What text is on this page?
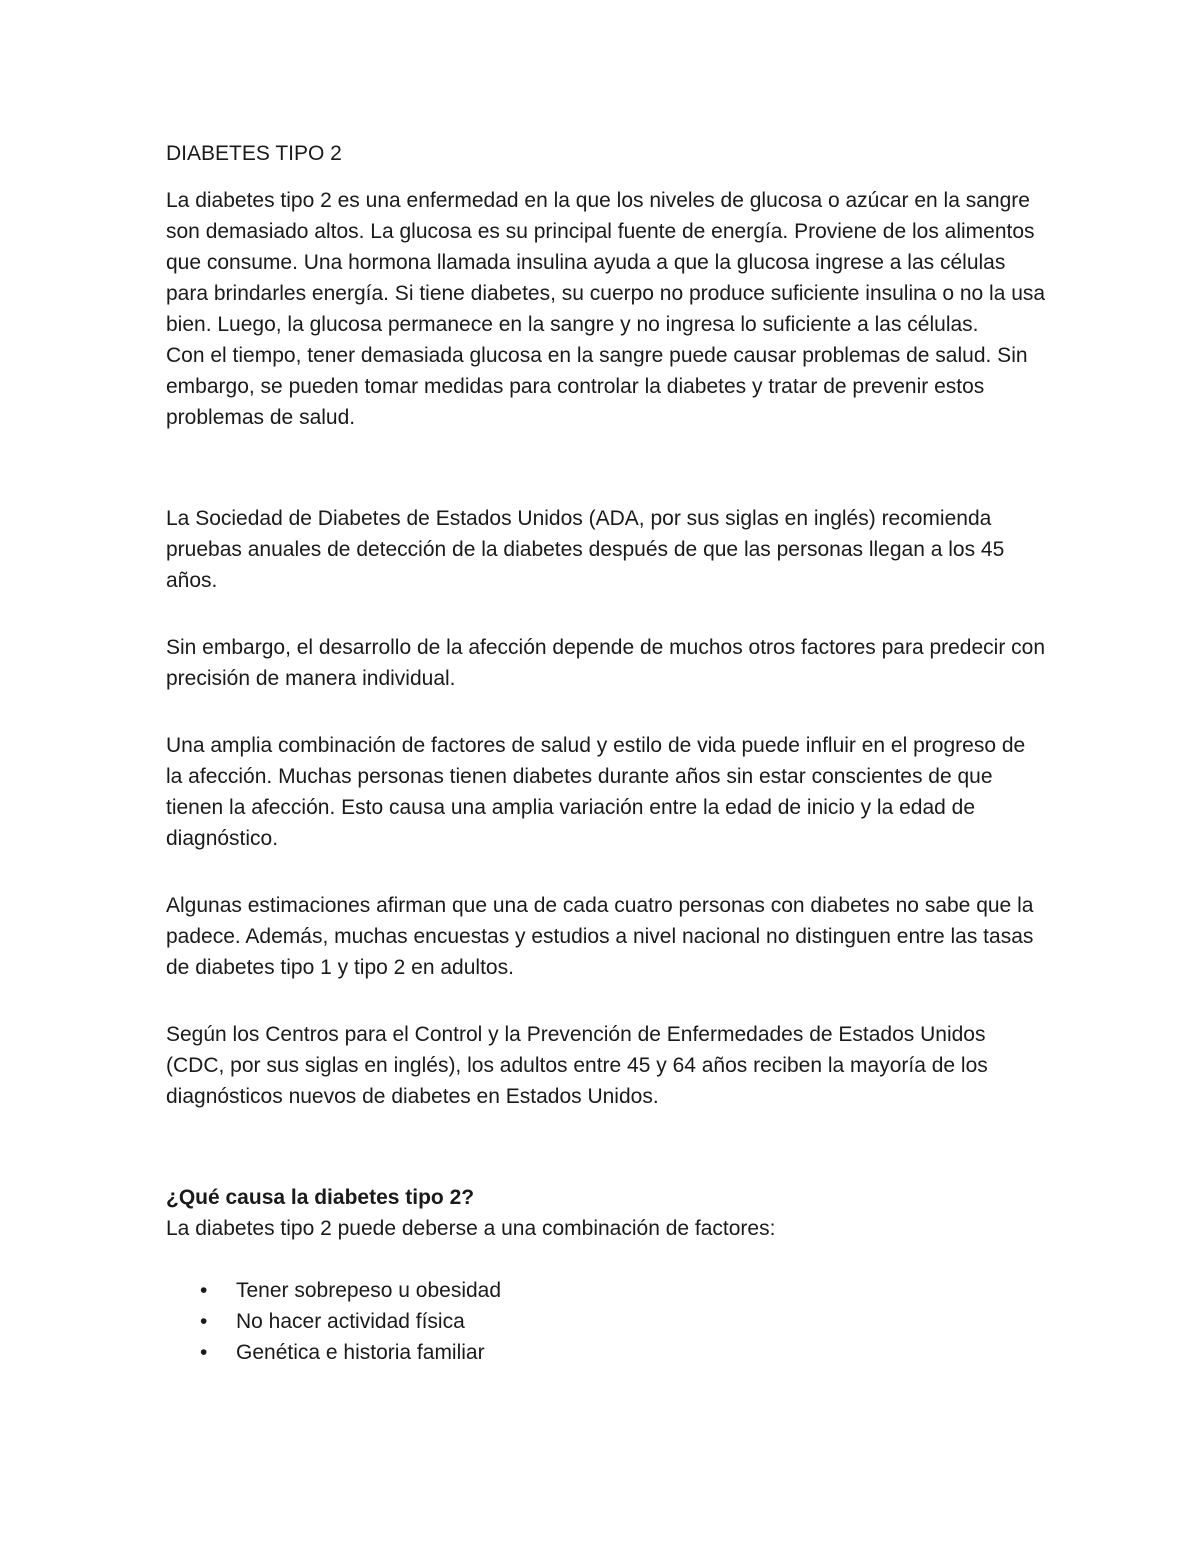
DIABETES TIPO 2

La diabetes tipo 2 es una enfermedad en la que los niveles de glucosa o azúcar en la sangre son demasiado altos. La glucosa es su principal fuente de energía. Proviene de los alimentos que consume. Una hormona llamada insulina ayuda a que la glucosa ingrese a las células para brindarles energía. Si tiene diabetes, su cuerpo no produce suficiente insulina o no la usa bien. Luego, la glucosa permanece en la sangre y no ingresa lo suficiente a las células.

Con el tiempo, tener demasiada glucosa en la sangre puede causar problemas de salud. Sin embargo, se pueden tomar medidas para controlar la diabetes y tratar de prevenir estos problemas de salud.

La Sociedad de Diabetes de Estados Unidos (ADA, por sus siglas en inglés) recomienda pruebas anuales de detección de la diabetes después de que las personas llegan a los 45 años.

Sin embargo, el desarrollo de la afección depende de muchos otros factores para predecir con precisión de manera individual.

Una amplia combinación de factores de salud y estilo de vida puede influir en el progreso de la afección. Muchas personas tienen diabetes durante años sin estar conscientes de que tienen la afección. Esto causa una amplia variación entre la edad de inicio y la edad de diagnóstico.

Algunas estimaciones afirman que una de cada cuatro personas con diabetes no sabe que la padece. Además, muchas encuestas y estudios a nivel nacional no distinguen entre las tasas de diabetes tipo 1 y tipo 2 en adultos.

Según los Centros para el Control y la Prevención de Enfermedades de Estados Unidos (CDC, por sus siglas en inglés), los adultos entre 45 y 64 años reciben la mayoría de los diagnósticos nuevos de diabetes en Estados Unidos.

¿Qué causa la diabetes tipo 2?

La diabetes tipo 2 puede deberse a una combinación de factores:

• Tener sobrepeso u obesidad
• No hacer actividad física
• Genética e historia familiar
